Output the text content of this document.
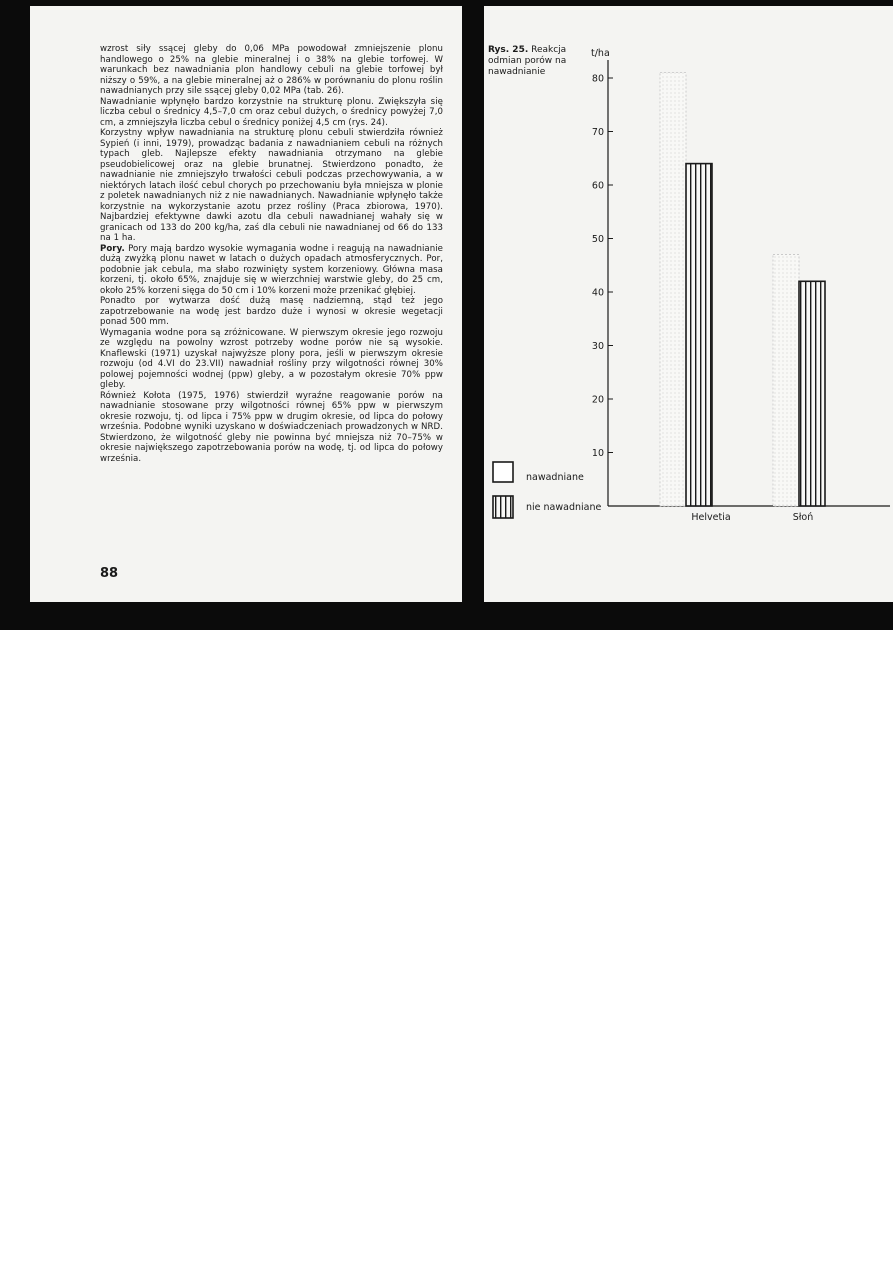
wzrost siły ssącej gleby do 0,06 MPa powodował zmniejszenie plonu handlowego o 25% na glebie mineralnej i o 38% na glebie torfowej. W warunkach bez nawadniania plon handlowy cebuli na glebie torfowej był niższy o 59%, a na glebie mineralnej aż o 286% w porównaniu do plonu roślin nawadnianych przy sile ssącej gleby 0,02 MPa (tab. 26).

Nawadnianie wpłynęło bardzo korzystnie na strukturę plonu. Zwiększyła się liczba cebul o średnicy 4,5–7,0 cm oraz cebul dużych, o średnicy powyżej 7,0 cm, a zmniejszyła liczba cebul o średnicy poniżej 4,5 cm (rys. 24).

Korzystny wpływ nawadniania na strukturę plonu cebuli stwierdziła również Sypień (i inni, 1979), prowadząc badania z nawadnianiem cebuli na różnych typach gleb. Najlepsze efekty nawadniania otrzymano na glebie pseudobielicowej oraz na glebie brunatnej. Stwierdzono ponadto, że nawadnianie nie zmniejszyło trwałości cebuli podczas przechowywania, a w niektórych latach ilość cebul chorych po przechowaniu była mniejsza w plonie z poletek nawadnianych niż z nie nawadnianych. Nawadnianie wpłynęło także korzystnie na wykorzystanie azotu przez rośliny (Praca zbiorowa, 1970). Najbardziej efektywne dawki azotu dla cebuli nawadnianej wahały się w granicach od 133 do 200 kg/ha, zaś dla cebuli nie nawadnianej od 66 do 133 na 1 ha.

Pory. Pory mają bardzo wysokie wymagania wodne i reagują na nawadnianie dużą zwyżką plonu nawet w latach o dużych opadach atmosferycznych. Por, podobnie jak cebula, ma słabo rozwinięty system korzeniowy. Główna masa korzeni, tj. około 65%, znajduje się w wierzchniej warstwie gleby, do 25 cm, około 25% korzeni sięga do 50 cm i 10% korzeni może przenikać głębiej.

Ponadto por wytwarza dość dużą masę nadziemną, stąd też jego zapotrzebowanie na wodę jest bardzo duże i wynosi w okresie wegetacji ponad 500 mm.

Wymagania wodne pora są zróżnicowane. W pierwszym okresie jego rozwoju ze względu na powolny wzrost potrzeby wodne porów nie są wysokie. Knaflewski (1971) uzyskał najwyższe plony pora, jeśli w pierwszym okresie rozwoju (od 4.VI do 23.VII) nawadniał rośliny przy wilgotności równej 30% polowej pojemności wodnej (ppw) gleby, a w pozostałym okresie 70% ppw gleby.

Również Kołota (1975, 1976) stwierdził wyraźne reagowanie porów na nawadnianie stosowane przy wilgotności równej 65% ppw w pierwszym okresie rozwoju, tj. od lipca i 75% ppw w drugim okresie, od lipca do połowy września. Podobne wyniki uzyskano w doświadczeniach prowadzonych w NRD. Stwierdzono, że wilgotność gleby nie powinna być mniejsza niż 70–75% w okresie największego zapotrzebowania porów na wodę, tj. od lipca do połowy września.

88
Rys. 25. Reakcja odmian porów na nawadnianie
t/ha
10
20
30
40
50
60
70
80
Helvetia	Słoń
nawadniane
nie nawadniane
